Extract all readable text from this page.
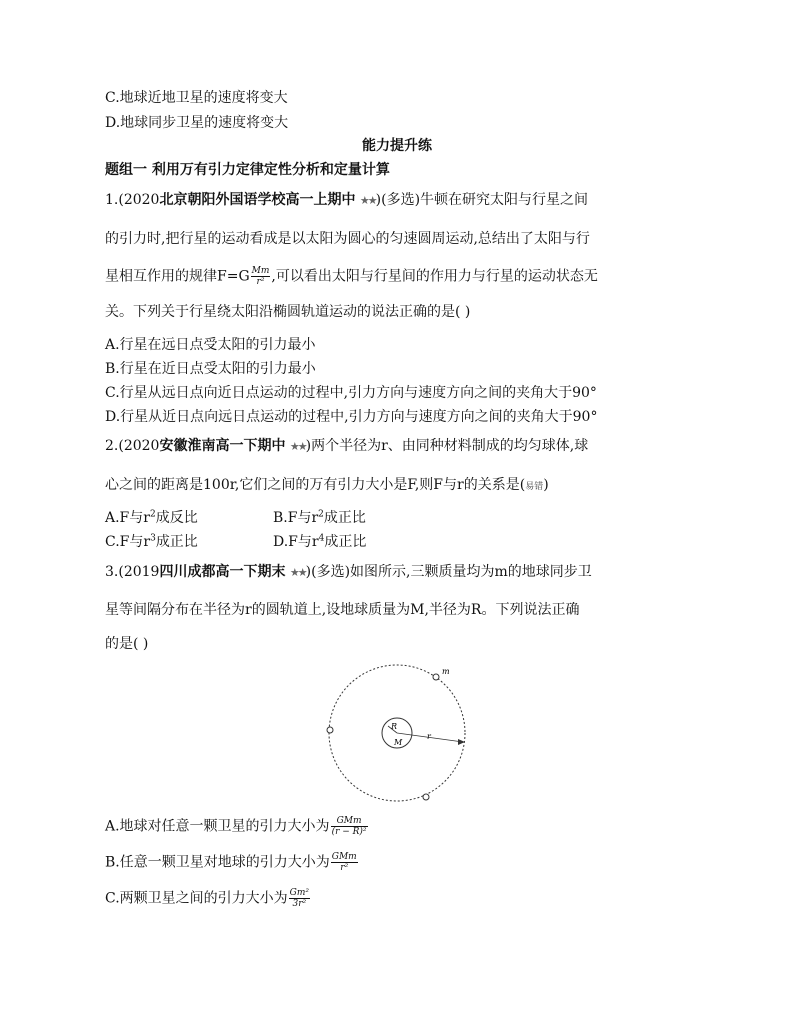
C.地球近地卫星的速度将变大
D.地球同步卫星的速度将变大
能力提升练
题组一 利用万有引力定律定性分析和定量计算
1.(2020北京朝阳外国语学校高一上期中 ★★)(多选)牛顿在研究太阳与行星之间
的引力时,把行星的运动看成是以太阳为圆心的匀速圆周运动,总结出了太阳与行
星相互作用的规律$F=G \frac{Mm}{\text{r²}}$ ,可以看出太阳与行星间的作用力与行星的运动状态无
关。下列关于行星绕太阳沿椭圆轨道运动的说法正确的是( )
A.行星在远日点受太阳的引力最小
B.行星在近日点受太阳的引力最小
C.行星从远日点向近日点运动的过程中,引力方向与速度方向之间的夹角大于90°
D.行星从近日点向远日点运动的过程中,引力方向与速度方向之间的夹角大于90°
2.(2020安徽淮南高一下期中 ★★)两个半径为r、由同种材料制成的均匀球体,球
心之间的距离是100r,它们之间的万有引力大小是F,则F与r的关系是(易错)
A.F与$r^2$成反比	B.F与$r^2$成正比
C.F与$r^3$成正比	D.F与$r^4$成正比
3.(2019四川成都高一下期末 ★★)(多选)如图所示,三颗质量均为m的地球同步卫
星等间隔分布在半径为r的圆轨道上,设地球质量为M,半径为R。下列说法正确
的是( )
m
R
M
r
A.地球对任意一颗卫星的引力大小为 $\frac{\text{GMm}}{\text{(r − R)²}}$
B.任意一颗卫星对地球的引力大小为 $\frac{\text{GMm}}{\text{r²}}$
C.两颗卫星之间的引力大小为 $\frac{\text{Gm²}}{\text{3r²}}$
